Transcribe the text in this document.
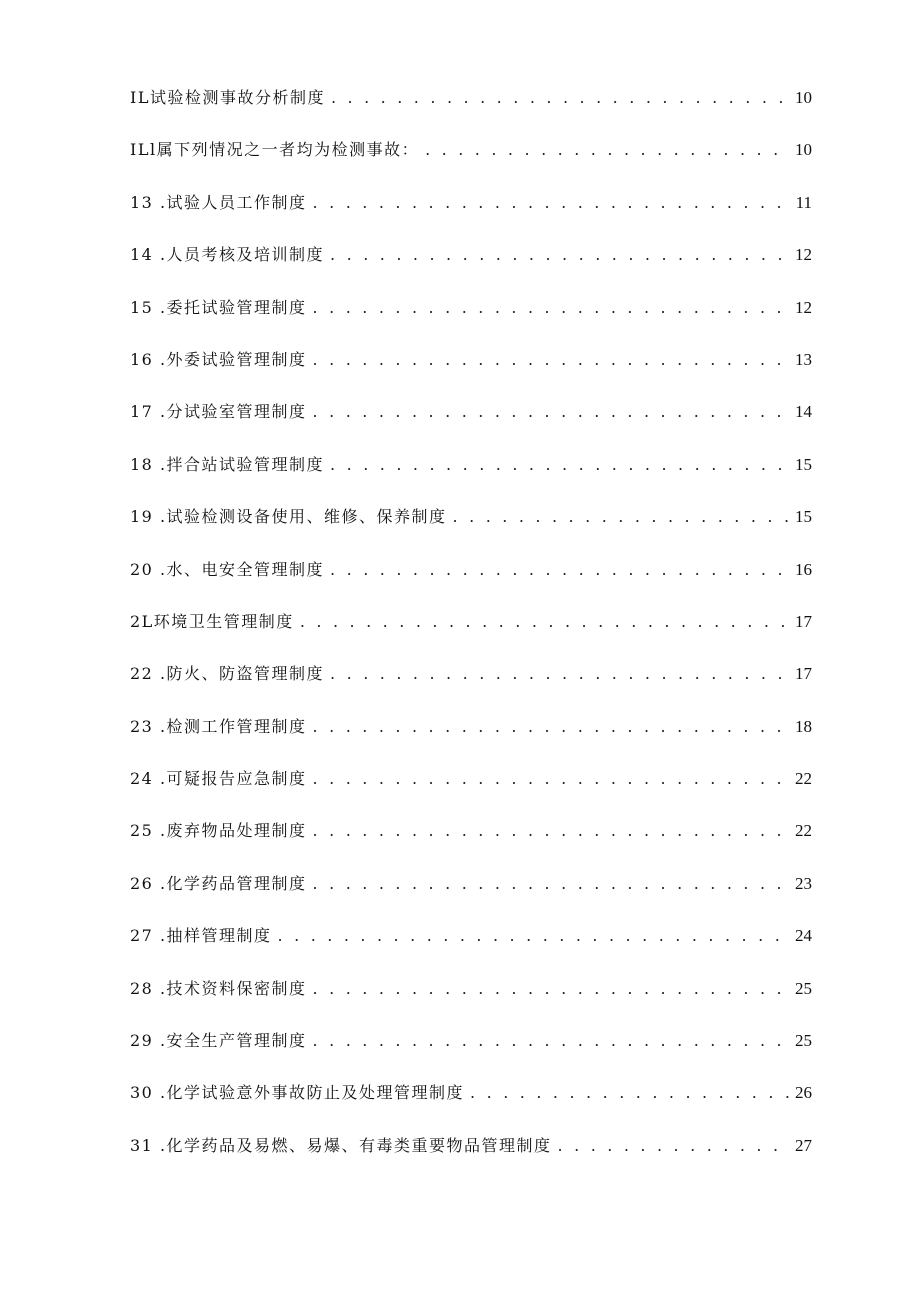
IL试验检测事故分析制度 . . .	10
ILl属下列情况之一者均为检测事故： . . .	10
13 .试验人员工作制度 . . .	11
14 .人员考核及培训制度 . . .	12
15 .委托试验管理制度 . . .	12
16 .外委试验管理制度 . . .	13
17 .分试验室管理制度 . . .	14
18 .拌合站试验管理制度 . . .	15
19 .试验检测设备使用、维修、保养制度 . . .	15
20 .水、电安全管理制度 . . .	16
2L环境卫生管理制度 . . .	17
22 .防火、防盗管理制度 . . .	17
23 .检测工作管理制度 . . .	18
24 .可疑报告应急制度 . . .	22
25 .废弃物品处理制度 . . .	22
26 .化学药品管理制度 . . .	23
27 .抽样管理制度 . . .	24
28 .技术资料保密制度 . . .	25
29 .安全生产管理制度 . . .	25
30 .化学试验意外事故防止及处理管理制度 . . .	26
31 .化学药品及易燃、易爆、有毒类重要物品管理制度 . . .	27
